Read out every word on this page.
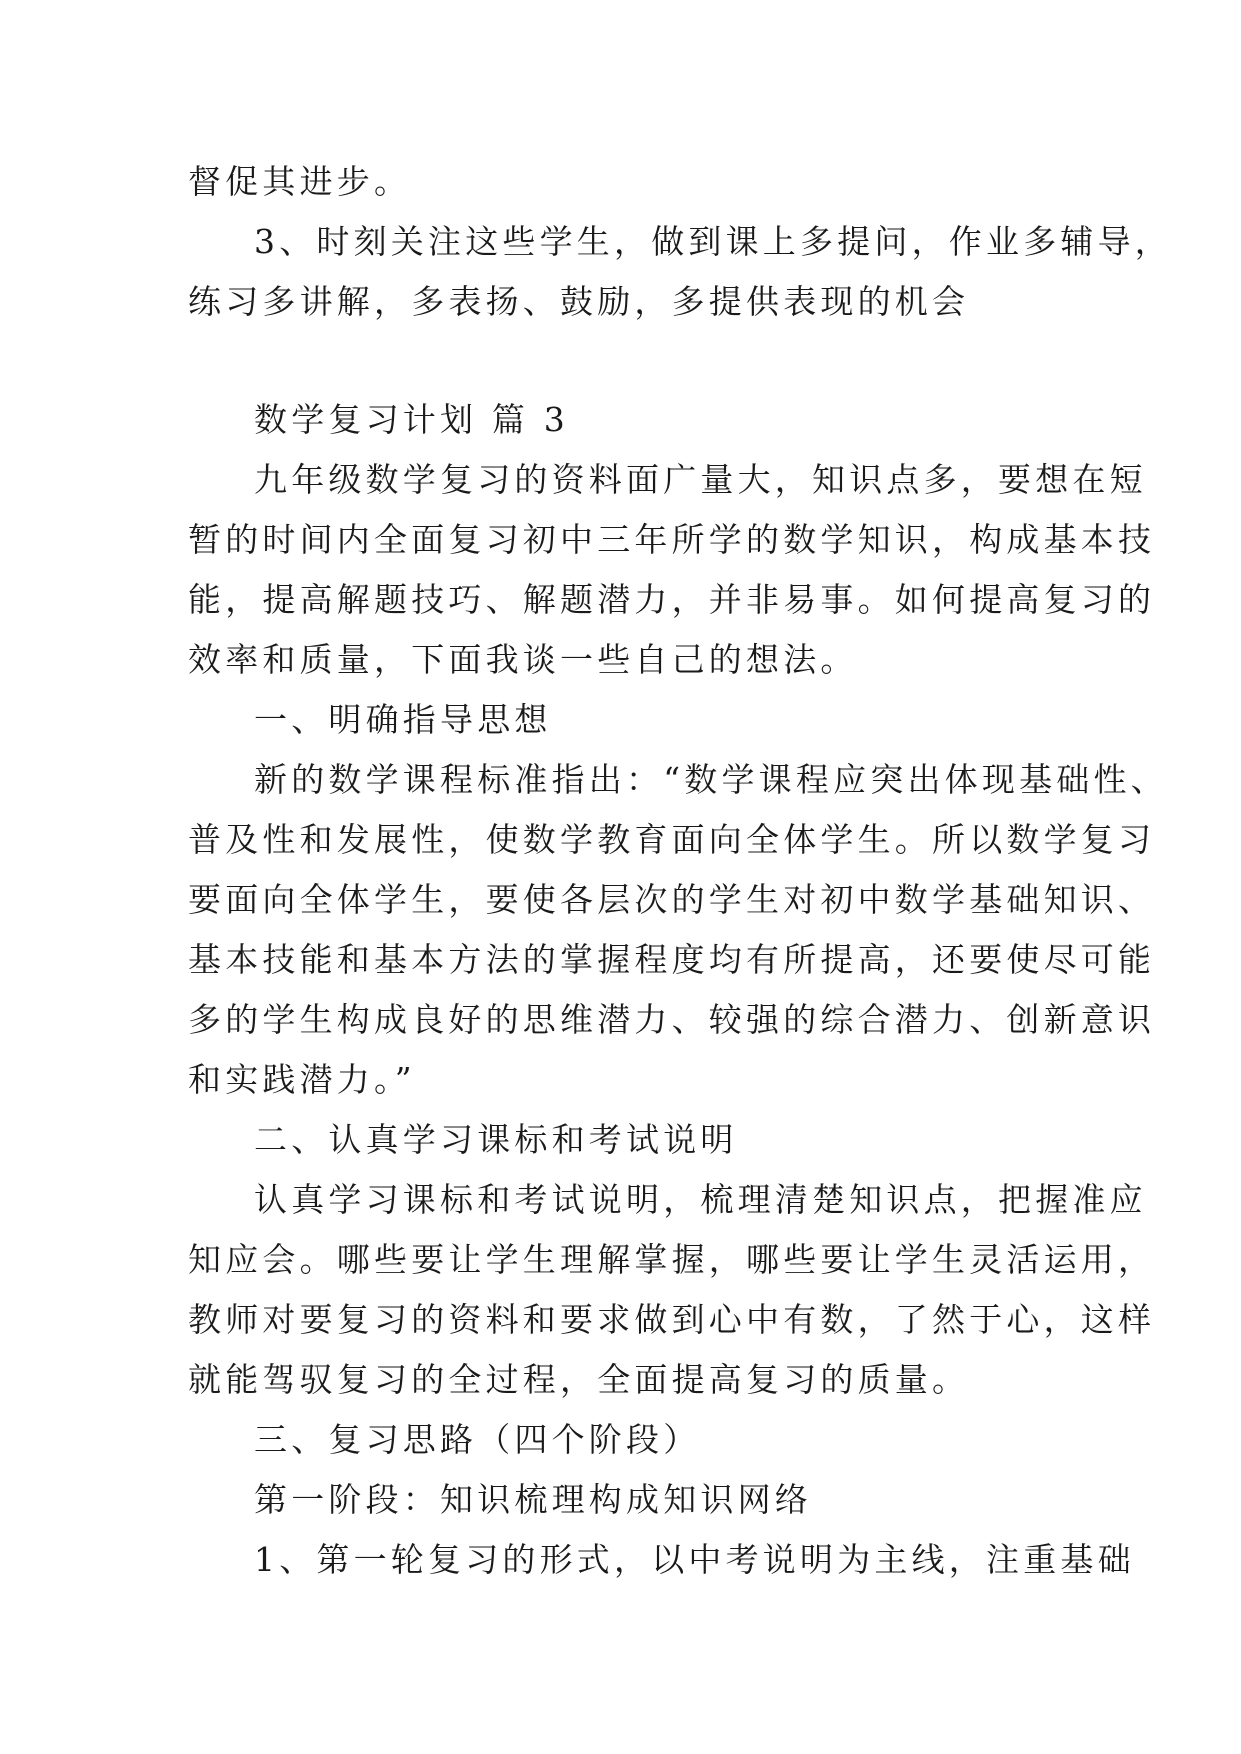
督促其进步。
3、时刻关注这些学生，做到课上多提问，作业多辅导，
练习多讲解，多表扬、鼓励，多提供表现的机会
数学复习计划 篇 3
九年级数学复习的资料面广量大，知识点多，要想在短
暂的时间内全面复习初中三年所学的数学知识，构成基本技
能，提高解题技巧、解题潜力，并非易事。如何提高复习的
效率和质量，下面我谈一些自己的想法。
一、明确指导思想
新的数学课程标准指出：“数学课程应突出体现基础性、
普及性和发展性，使数学教育面向全体学生。所以数学复习
要面向全体学生，要使各层次的学生对初中数学基础知识、
基本技能和基本方法的掌握程度均有所提高，还要使尽可能
多的学生构成良好的思维潜力、较强的综合潜力、创新意识
和实践潜力。”
二、认真学习课标和考试说明
认真学习课标和考试说明，梳理清楚知识点，把握准应
知应会。哪些要让学生理解掌握，哪些要让学生灵活运用，
教师对要复习的资料和要求做到心中有数，了然于心，这样
就能驾驭复习的全过程，全面提高复习的质量。
三、复习思路（四个阶段）
第一阶段：知识梳理构成知识网络
1、第一轮复习的形式，以中考说明为主线，注重基础
